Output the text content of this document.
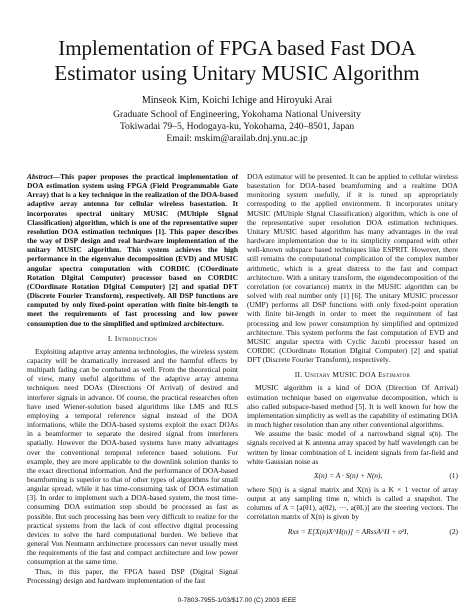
Implementation of FPGA based Fast DOA
Estimator using Unitary MUSIC Algorithm
Minseok Kim, Koichi Ichige and Hiroyuki Arai
Graduate School of Engineering, Yokohama National University
Tokiwadai 79–5, Hodogaya-ku, Yokohama, 240–8501, Japan
Email: mskim@arailab.dnj.ynu.ac.jp

Abstract—This paper proposes the practical implementation of DOA estimation system using FPGA (Field Programmable Gate Array) that is a key technique in the realization of the DOA-based adaptive array antenna for cellular wireless basestation. It incorporates spectral unitary MUSIC (MUltiple SIgnal Classification) algorithm, which is one of the representative super resolution DOA estimation techniques [1]. This paper describes the way of DSP design and real hardware implementation of the unitary MUSIC algorithm. This system achieves the high performance in the eigenvalue decomposition (EVD) and MUSIC angular spectra computation with CORDIC (COordinate Rotation DIgital Computer) processor based on CORDIC (COordinate Rotation DIgital Computer) [2] and spatial DFT (Discrete Fourier Transform), respectively. All DSP functions are computed by only fixed-point operation with finite bit-length to meet the requirements of fast processing and low power consumption due to the simplified and optimized architecture.

I. Introduction

Exploiting adaptive array antenna technologies, the wireless system capacity will be dramatically increased and the harmful effects by multipath fading can be combated as well. From the theoretical point of view, many useful algorithms of the adaptive array antenna techniques need DOAs (Directions Of Arrival) of desired and interferer signals in advance. Of course, the practical researches often have used Wiener-solution based algorithms like LMS and RLS employing a temporal reference signal instead of the DOA informations, while the DOA-based systems exploit the exact DOAs in a beamformer to separate the desired signal from interferers spatially. However the DOA-based systems have many advantages over the conventional temporal reference based solutions. For example, they are more applicable to the downlink solution thanks to the exact directional information. And the performance of DOA-based beamforming is superior to that of other types of algorithms for small angular spread, while it has time-consuming task of DOA estimation [3]. In order to implement such a DOA-based system, the most time-consuming DOA estimation step should be processed as fast as possible. But such processing has been very difficult to realize for the practical systems from the lack of cost effective digital processing devices to solve the hard computational burden. We believe that general Von Neumann architecture processors can never usually meet the requirements of the fast and compact architecture and low power consumption at the same time.

Thus, in this paper, the FPGA based DSP (Digital Signal Processing) design and hardware implementation of the fast

DOA estimator will be presented. It can be applied to cellular wireless basestation for DOA-based beamforming and a realtime DOA monitoring system usefully, if it is tuned up appropriately correspoding to the applied environment. It incorporates unitary MUSIC (MUltiple SIgnal Classification) algorithm, which is one of the representative super resolution DOA estimation techniques. Unitary MUSIC based algorithm has many advantages in the real hardware implementation due to its simplicity compared with other well-known subspace based techniques like ESPRIT. However, there still remains the computational complication of the complex number arithmetic, which is a great distress to the fast and compact architecture. With a unitary transform, the eigendecomposition of the correlation (or covariance) matrix in the MUSIC algorithm can be solved with real number only [1] [6]. The unitary MUSIC processor (UMP) performs all DSP functions with only fixed-point operation with finite bit-length in order to meet the requirement of fast processing and low power consumption by simplified and optimized architecture. This system performs the fast computation of EVD and MUSIC angular spectra with Cyclic Jacobi processor based on CORDIC (COordinate Rotation DIgital Computer) [2] and spatial DFT (Discrete Fourier Transform), respectively.

II. Unitary MUSIC DOA Estimator

MUSIC algorithm is a kind of DOA (Direction Of Arrival) estimation technique based on eigenvalue decomposition, which is also called subspace-based method [5]. It is well known for how the implementation simplicity as well as the capability of estimating DOA in much higher resolution than any other conventional algorithms.

We assume the basic model of a narrowband signal s(n). The signals received at K antenna array spaced by half wavelength can be written by linear combination of L incident signals from far-field and white Gaussian noise as

X(n) = A · S(n) + N(n),	(1)

where S(n) is a signal matrix and X(n) is a K × 1 vector of array output at any sampling time n, which is called a snapshot. The columns of A = [a(θ1), a(θ2), ···, a(θL)] are the steering vectors. The correlation matrix of X(n) is given by

Rxx = E[X(n)X^H(n)] = ARssA^H + σ²I,	(2)
0-7803-7955-1/03/$17.00 (C) 2003 IEEE
